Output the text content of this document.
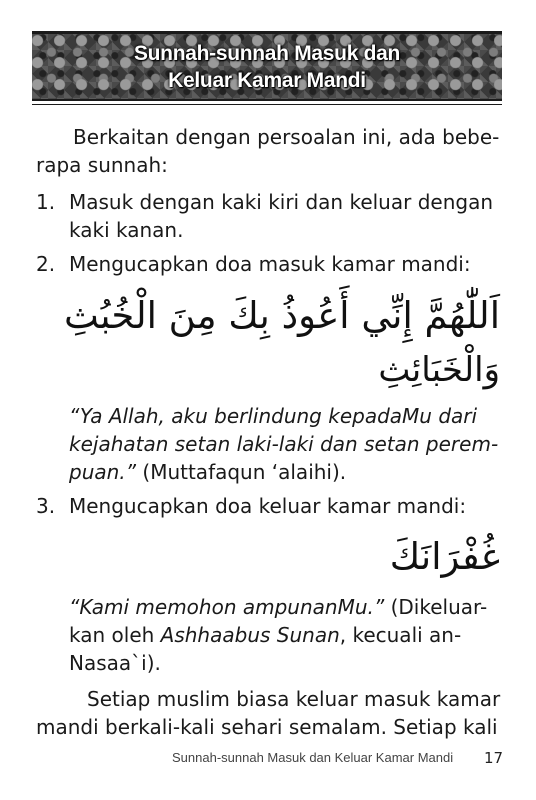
Sunnah-sunnah Masuk dan
Keluar Kamar Mandi
Berkaitan dengan persoalan ini, ada bebe-
rapa sunnah:
1. Masuk dengan kaki kiri dan keluar dengan
kaki kanan.
2. Mengucapkan doa masuk kamar mandi:
اَللّٰهُمَّ إِنِّي أَعُوذُ بِكَ مِنَ الْخُبُثِ
وَالْخَبَائِثِ
“Ya Allah, aku berlindung kepadaMu dari
kejahatan setan laki-laki dan setan perem-
puan.” (Muttafaqun ‘alaihi).
3. Mengucapkan doa keluar kamar mandi:
غُفْرَانَكَ
“Kami memohon ampunanMu.” (Dikeluar-
kan oleh Ashhaabus Sunan, kecuali an-
Nasaa`i).
Setiap muslim biasa keluar masuk kamar
mandi berkali-kali sehari semalam. Setiap kali
Sunnah-sunnah Masuk dan Keluar Kamar Mandi 17
